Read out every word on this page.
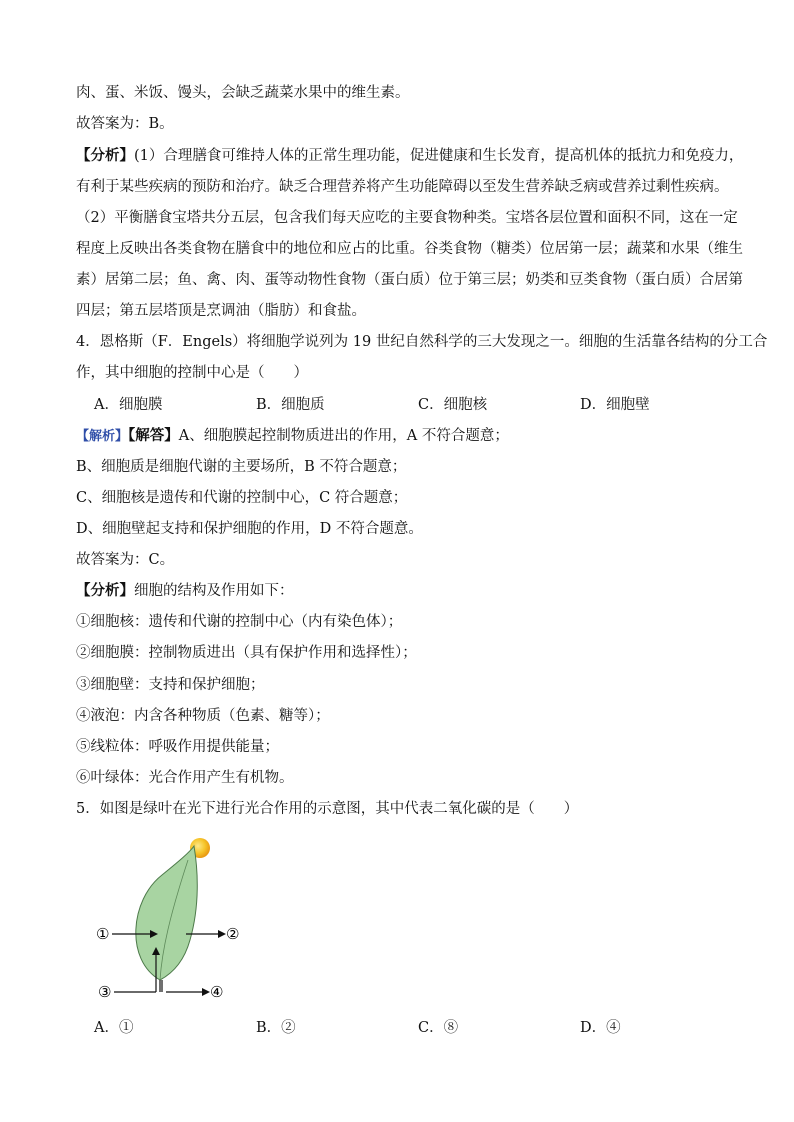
肉、蛋、米饭、馒头，会缺乏蔬菜水果中的维生素。
故答案为：B。
【分析】(1）合理膳食可维持人体的正常生理功能，促进健康和生长发育，提高机体的抵抗力和免疫力，
有利于某些疾病的预防和治疗。缺乏合理营养将产生功能障碍以至发生营养缺乏病或营养过剩性疾病。
（2）平衡膳食宝塔共分五层，包含我们每天应吃的主要食物种类。宝塔各层位置和面积不同，这在一定
程度上反映出各类食物在膳食中的地位和应占的比重。谷类食物（糖类）位居第一层；蔬菜和水果（维生
素）居第二层；鱼、禽、肉、蛋等动物性食物（蛋白质）位于第三层；奶类和豆类食物（蛋白质）合居第
四层；第五层塔顶是烹调油（脂肪）和食盐。
4．恩格斯（F．Engels）将细胞学说列为 19 世纪自然科学的三大发现之一。细胞的生活靠各结构的分工合
作，其中细胞的控制中心是（　　）
A．细胞膜	B．细胞质	C．细胞核	D．细胞壁
【解析】【解答】A、细胞膜起控制物质进出的作用，A 不符合题意；
B、细胞质是细胞代谢的主要场所，B 不符合题意；
C、细胞核是遗传和代谢的控制中心，C 符合题意；
D、细胞壁起支持和保护细胞的作用，D 不符合题意。
故答案为：C。
【分析】细胞的结构及作用如下：
①细胞核：遗传和代谢的控制中心（内有染色体）；
②细胞膜：控制物质进出（具有保护作用和选择性）；
③细胞壁：支持和保护细胞；
④液泡：内含各种物质（色素、糖等）；
⑤线粒体：呼吸作用提供能量；
⑥叶绿体：光合作用产生有机物。
5．如图是绿叶在光下进行光合作用的示意图，其中代表二氧化碳的是（　　）
①	②
③	④
A．①	B．②	C．⑧	D．④
